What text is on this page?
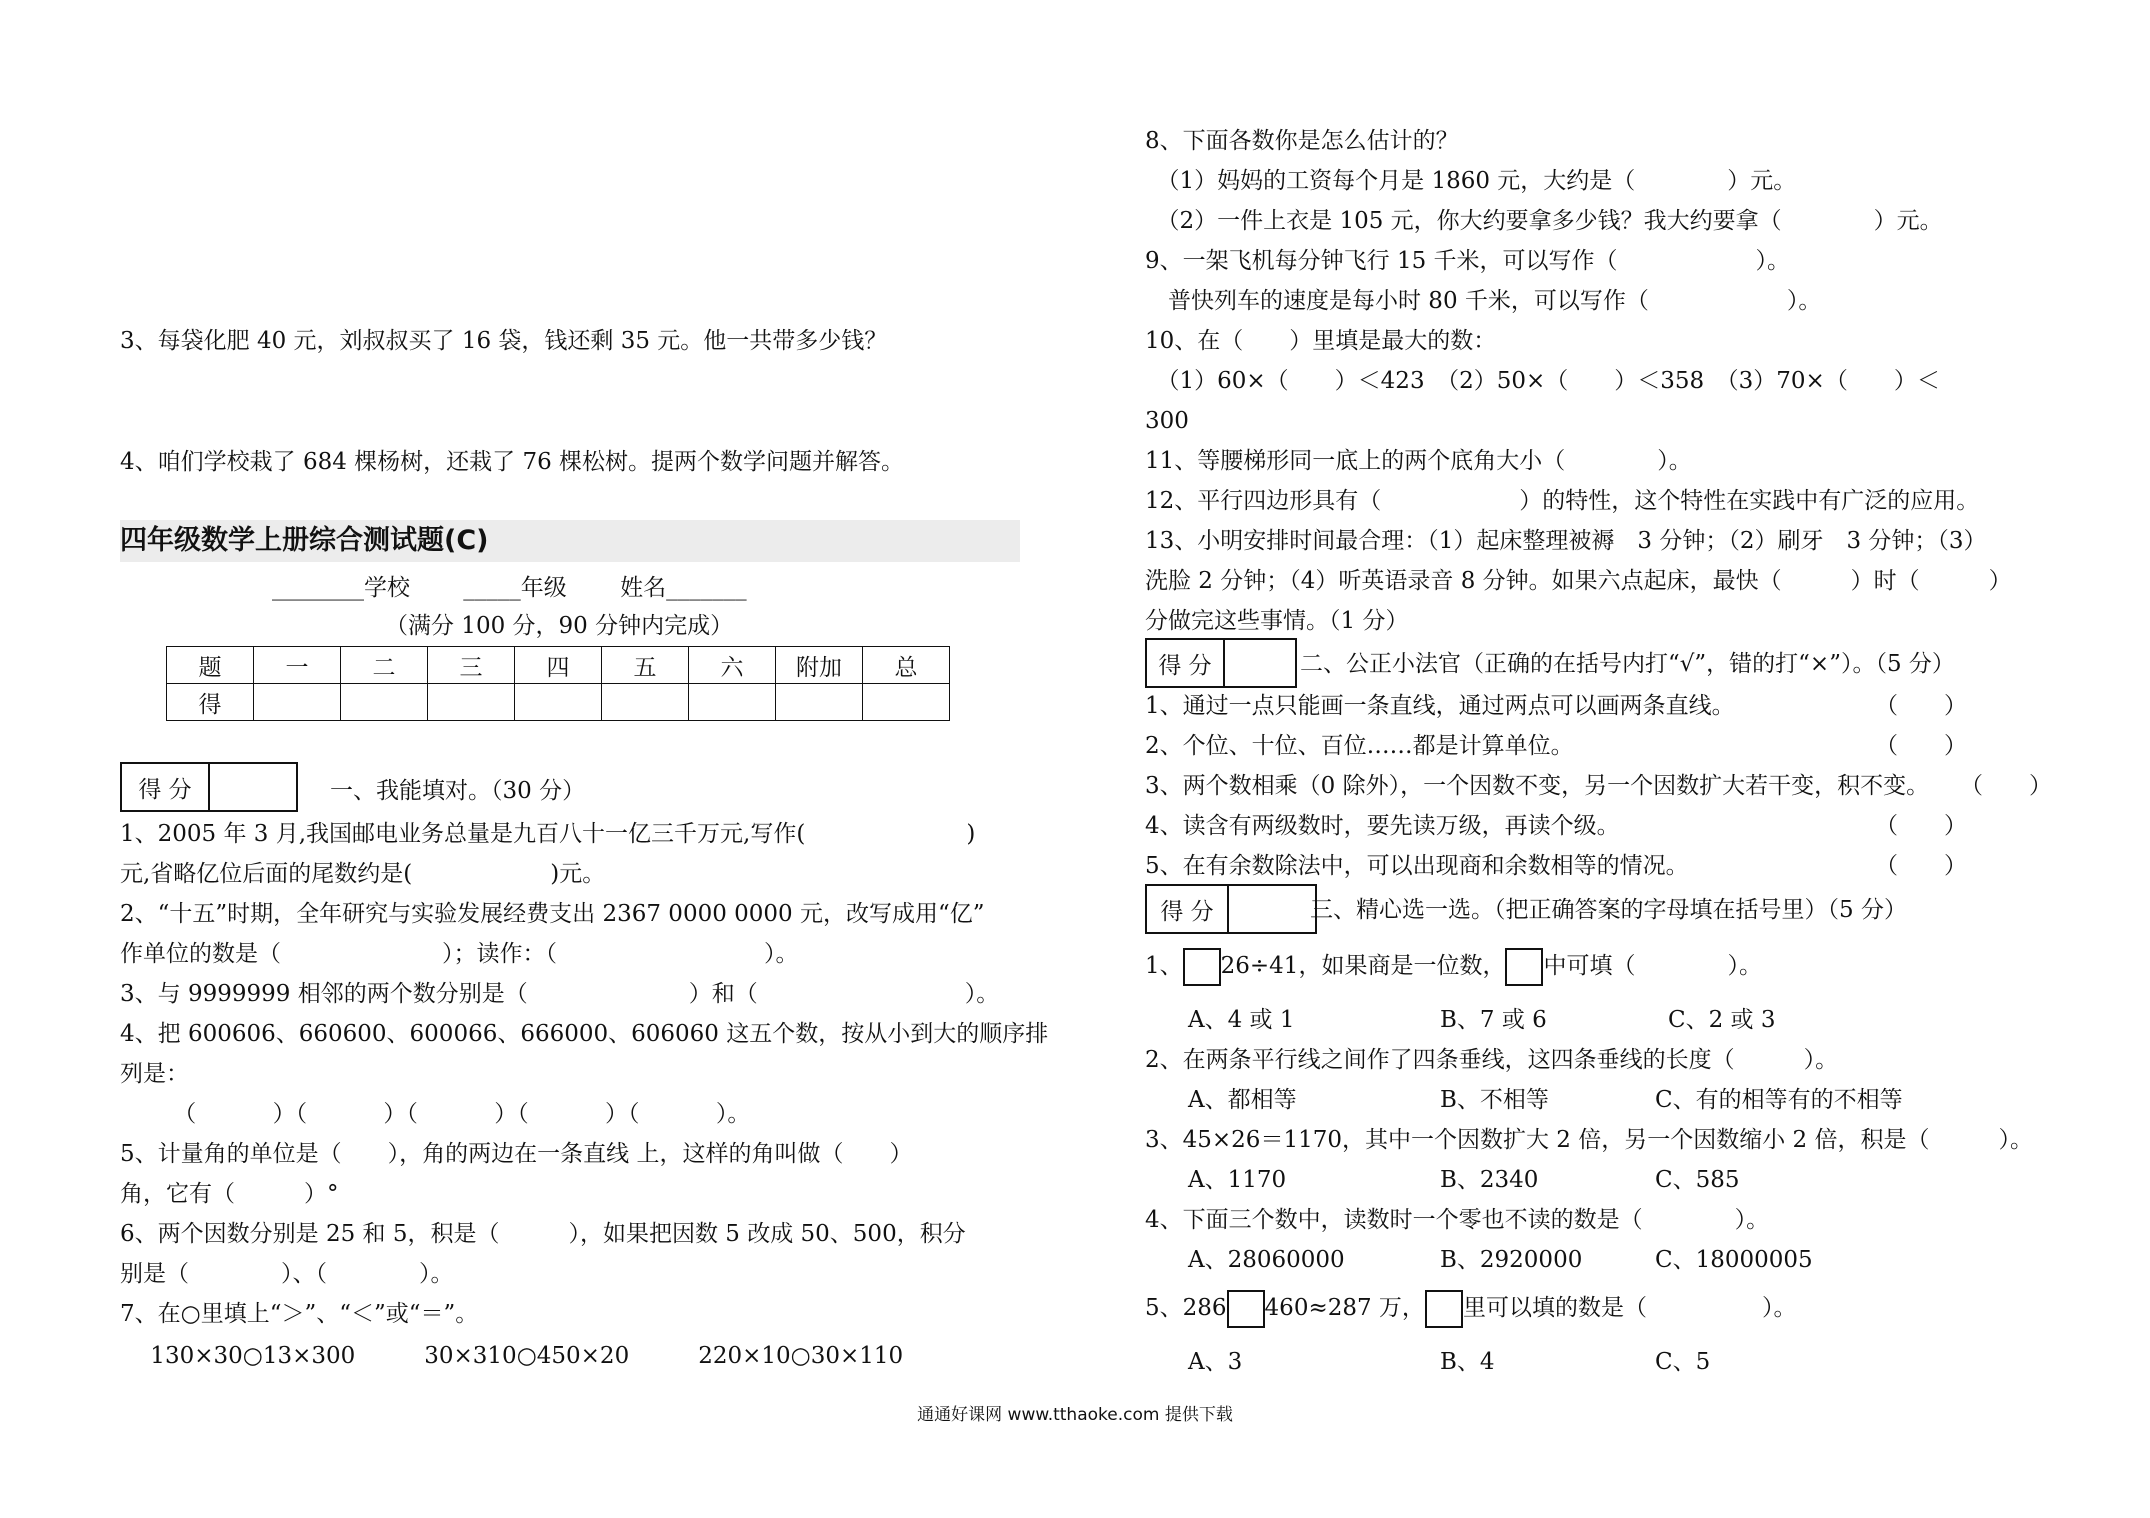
3、每袋化肥 40 元，刘叔叔买了 16 袋，钱还剩 35 元。他一共带多少钱？
4、咱们学校栽了 684 棵杨树，还栽了 76 棵松树。提两个数学问题并解答。
四年级数学上册综合测试题(C)
________学校　　 _____年级　　 姓名_______
（满分 100 分，90 分钟内完成）
题	一	二	三	四	五	六	附加	总
得								
得 分	一、我能填对。（30 分）
1、2005 年 3 月,我国邮电业务总量是九百八十一亿三千万元,写作(　　　　　　　)
元,省略亿位后面的尾数约是(　　　　　　)元。
2、“十五”时期，全年研究与实验发展经费支出 2367 0000 0000 元，改写成用“亿”
作单位的数是（　　　　　　　）；读作：（　　　　　　　　　）。
3、与 9999999 相邻的两个数分别是（　　　　　　　）和（　　　　　　　　　）。
4、把 600606、660600、600066、666000、606060 这五个数，按从小到大的顺序排
列是：
　　 （　　　 ）（　　　 ）（　　　 ）（　　　 ）（　　　 ）。
5、计量角的单位是（　　），角的两边在一条直线 上，这样的角叫做（　　）
角，它有（　　　）°
6、两个因数分别是 25 和 5，积是（　　　），如果把因数 5 改成 50、500，积分
别是（　　　　）、（　　　　）。
7、在○里填上“＞”、“＜”或“＝”。
　 130×30○13×300　　　30×310○450×20　　　220×10○30×110
8、下面各数你是怎么估计的？
　（1）妈妈的工资每个月是 1860 元，大约是（　　　　）元。
　（2）一件上衣是 105 元，你大约要拿多少钱？我大约要拿（　　　　）元。
9、一架飞机每分钟飞行 15 千米，可以写作（　　　　　　）。
　普快列车的速度是每小时 80 千米，可以写作（　　　　　　）。
10、在（　　）里填是最大的数：
　（1）60×（　　）＜423　（2）50×（　　）＜358　（3）70×（　　）＜
300
11、等腰梯形同一底上的两个底角大小（　　　　）。
12、平行四边形具有（　　　　　　）的特性，这个特性在实践中有广泛的应用。
13、小明安排时间最合理：（1）起床整理被褥　3 分钟；（2）刷牙　3 分钟；（3）
洗脸 2 分钟；（4）听英语录音 8 分钟。如果六点起床，最快（　　　）时（　　　）
分做完这些事情。（1 分）
得 分	二、公正小法官（正确的在括号内打“√”，错的打“×”）。（5 分）
1、通过一点只能画一条直线，通过两点可以画两条直线。	（　　）
2、个位、十位、百位……都是计算单位。	（　　）
3、两个数相乘（0 除外），一个因数不变，另一个因数扩大若干变，积不变。 （　　）
4、读含有两级数时，要先读万级，再读个级。	（　　）
5、在有余数除法中，可以出现商和余数相等的情况。	（　　）
得 分	三、精心选一选。（把正确答案的字母填在括号里）（5 分）
1、 26÷41，如果商是一位数， 中可填（　　　　）。
A、4 或 1	B、7 或 6	C、2 或 3
2、在两条平行线之间作了四条垂线，这四条垂线的长度（　　　）。
A、都相等	B、不相等	C、有的相等有的不相等
3、45×26＝1170，其中一个因数扩大 2 倍，另一个因数缩小 2 倍，积是（　　　）。
A、1170	B、2340	C、585
4、下面三个数中，读数时一个零也不读的数是（　　　　）。
A、28060000	B、2920000	C、18000005
5、286 460≈287 万， 里可以填的数是（　　　　　）。
A、3	B、4	C、5
通通好课网 www.tthaoke.com 提供下载
